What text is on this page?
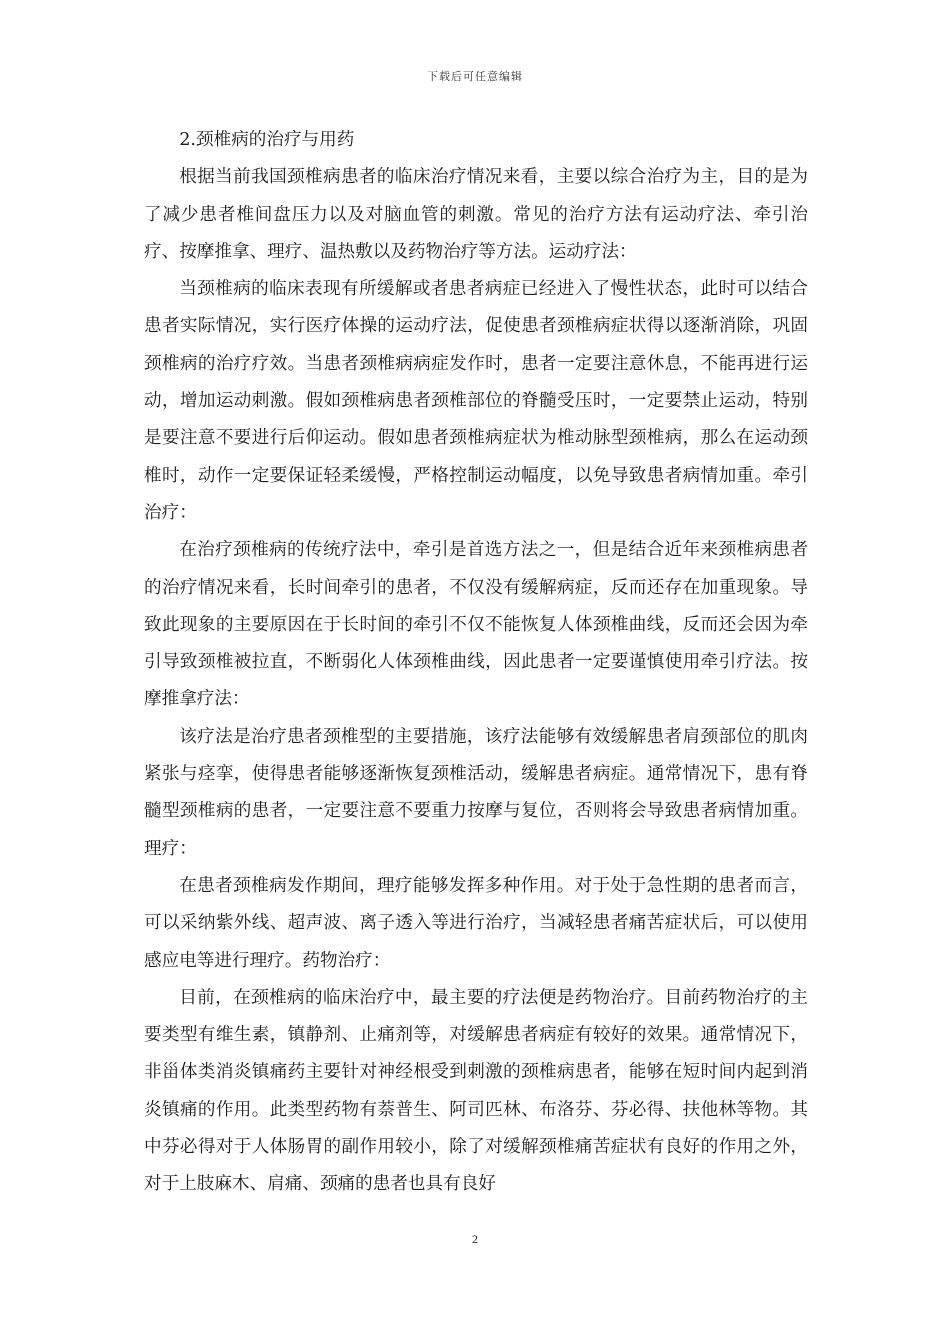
下载后可任意编辑

2.颈椎病的治疗与用药

根据当前我国颈椎病患者的临床治疗情况来看，主要以综合治疗为主，目的是为了减少患者椎间盘压力以及对脑血管的刺激。常见的治疗方法有运动疗法、牵引治疗、按摩推拿、理疗、温热敷以及药物治疗等方法。运动疗法：

当颈椎病的临床表现有所缓解或者患者病症已经进入了慢性状态，此时可以结合患者实际情况，实行医疗体操的运动疗法，促使患者颈椎病症状得以逐渐消除，巩固颈椎病的治疗疗效。当患者颈椎病病症发作时，患者一定要注意休息，不能再进行运动，增加运动刺激。假如颈椎病患者颈椎部位的脊髓受压时，一定要禁止运动，特别是要注意不要进行后仰运动。假如患者颈椎病症状为椎动脉型颈椎病，那么在运动颈椎时，动作一定要保证轻柔缓慢，严格控制运动幅度，以免导致患者病情加重。牵引治疗：

在治疗颈椎病的传统疗法中，牵引是首选方法之一，但是结合近年来颈椎病患者的治疗情况来看，长时间牵引的患者，不仅没有缓解病症，反而还存在加重现象。导致此现象的主要原因在于长时间的牵引不仅不能恢复人体颈椎曲线，反而还会因为牵引导致颈椎被拉直，不断弱化人体颈椎曲线，因此患者一定要谨慎使用牵引疗法。按摩推拿疗法：

该疗法是治疗患者颈椎型的主要措施，该疗法能够有效缓解患者肩颈部位的肌肉紧张与痉挛，使得患者能够逐渐恢复颈椎活动，缓解患者病症。通常情况下，患有脊髓型颈椎病的患者，一定要注意不要重力按摩与复位，否则将会导致患者病情加重。理疗：

在患者颈椎病发作期间，理疗能够发挥多种作用。对于处于急性期的患者而言，可以采纳紫外线、超声波、离子透入等进行治疗，当减轻患者痛苦症状后，可以使用感应电等进行理疗。药物治疗：

目前，在颈椎病的临床治疗中，最主要的疗法便是药物治疗。目前药物治疗的主要类型有维生素，镇静剂、止痛剂等，对缓解患者病症有较好的效果。通常情况下，非甾体类消炎镇痛药主要针对神经根受到刺激的颈椎病患者，能够在短时间内起到消炎镇痛的作用。此类型药物有萘普生、阿司匹林、布洛芬、芬必得、扶他林等物。其中芬必得对于人体肠胃的副作用较小，除了对缓解颈椎痛苦症状有良好的作用之外，对于上肢麻木、肩痛、颈痛的患者也具有良好

2
